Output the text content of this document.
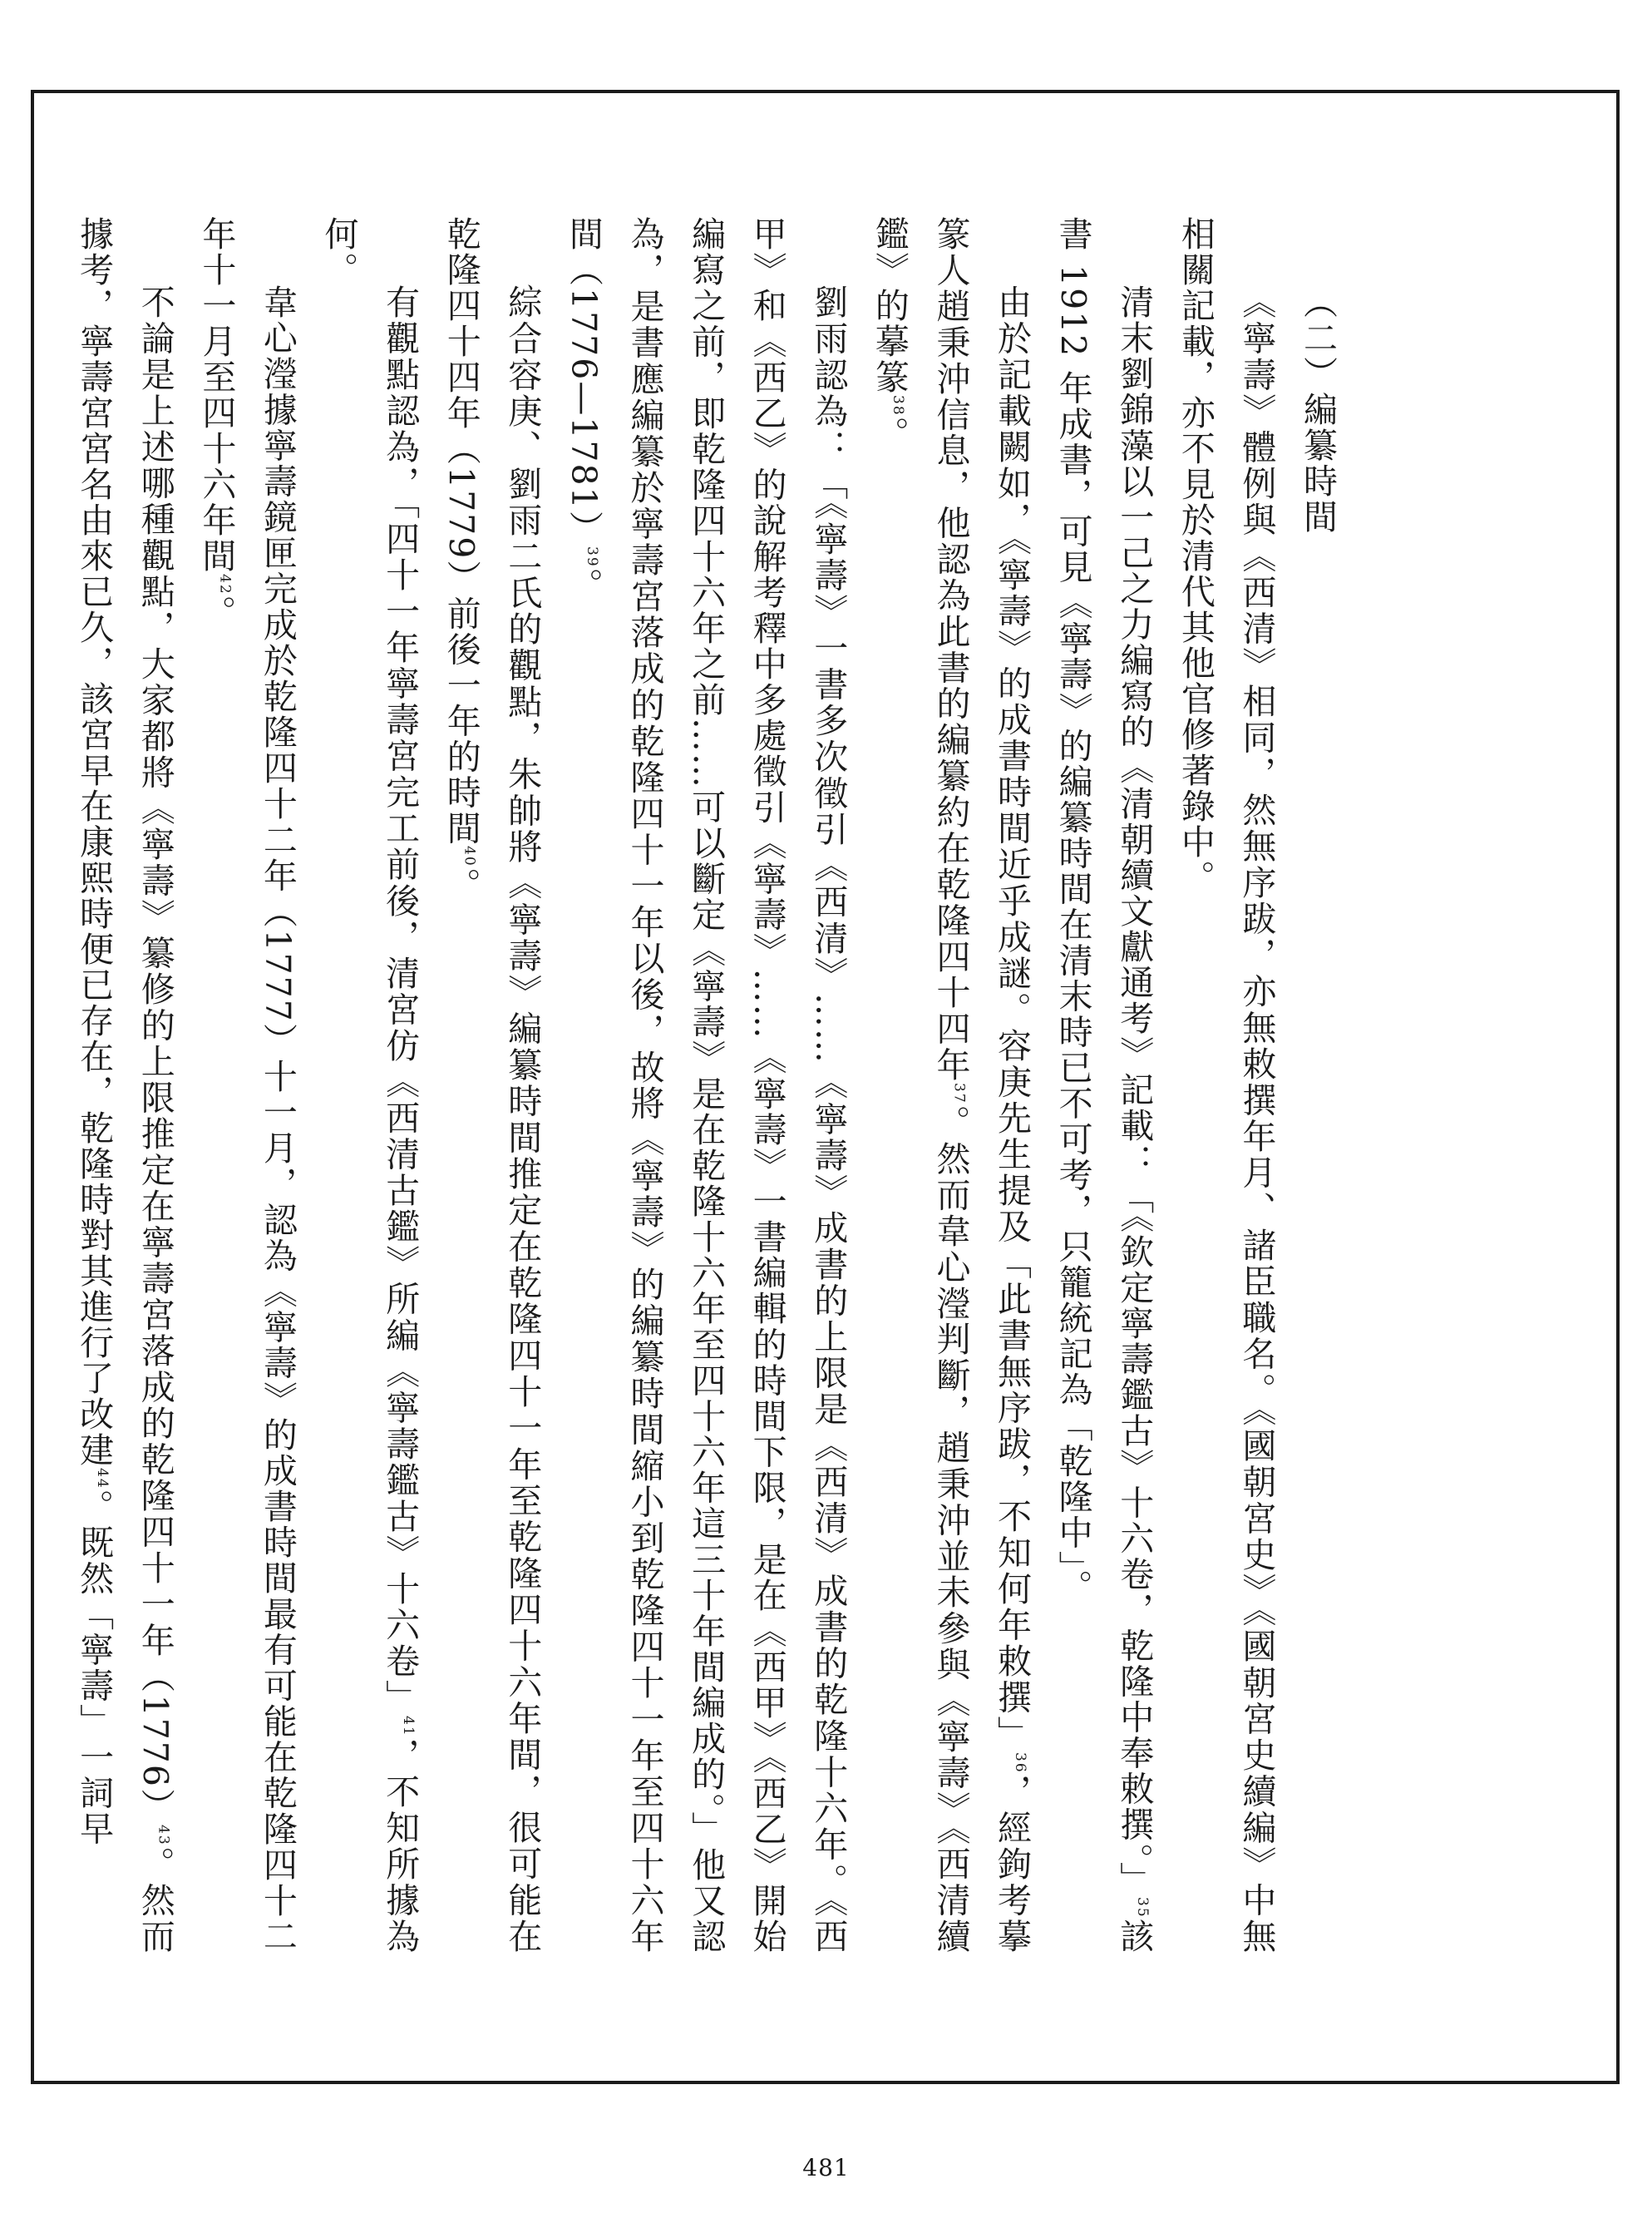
（二）編纂時間

《寧壽》體例與《西清》相同，然無序跋，亦無敕撰年月、諸臣職名。《國朝宮史》《國朝宮史續編》中無相關記載，亦不見於清代其他官修著錄中。

清末劉錦藻以一己之力編寫的《清朝續文獻通考》記載：「《欽定寧壽鑑古》十六卷，乾隆中奉敕撰。」35該書 1912 年成書，可見《寧壽》的編纂時間在清末時已不可考，只籠統記為「乾隆中」。

由於記載闕如，《寧壽》的成書時間近乎成謎。容庚先生提及「此書無序跋，不知何年敕撰」36，經鉤考摹篆人趙秉沖信息，他認為此書的編纂約在乾隆四十四年37。然而韋心瀅判斷，趙秉沖並未參與《寧壽》《西清續鑑》的摹篆38。

劉雨認為：「《寧壽》一書多次徵引《西清》……《寧壽》成書的上限是《西清》成書的乾隆十六年。《西甲》和《西乙》的說解考釋中多處徵引《寧壽》……《寧壽》一書編輯的時間下限，是在《西甲》《西乙》開始編寫之前，即乾隆四十六年之前……可以斷定《寧壽》是在乾隆十六年至四十六年這三十年間編成的。」他又認為，是書應編纂於寧壽宮落成的乾隆四十一年以後，故將《寧壽》的編纂時間縮小到乾隆四十一年至四十六年間（1776—1781）39。

綜合容庚、劉雨二氏的觀點，朱帥將《寧壽》編纂時間推定在乾隆四十一年至乾隆四十六年間，很可能在乾隆四十四年（1779）前後一年的時間40。

有觀點認為，「四十一年寧壽宮完工前後，清宮仿《西清古鑑》所編《寧壽鑑古》十六卷」41，不知所據為何。

韋心瀅據寧壽鏡匣完成於乾隆四十二年（1777）十一月，認為《寧壽》的成書時間最有可能在乾隆四十二年十一月至四十六年間42。

不論是上述哪種觀點，大家都將《寧壽》纂修的上限推定在寧壽宮落成的乾隆四十一年（1776）43。然而據考，寧壽宮宮名由來已久，該宮早在康熙時便已存在，乾隆時對其進行了改建44。既然「寧壽」一詞早

481
